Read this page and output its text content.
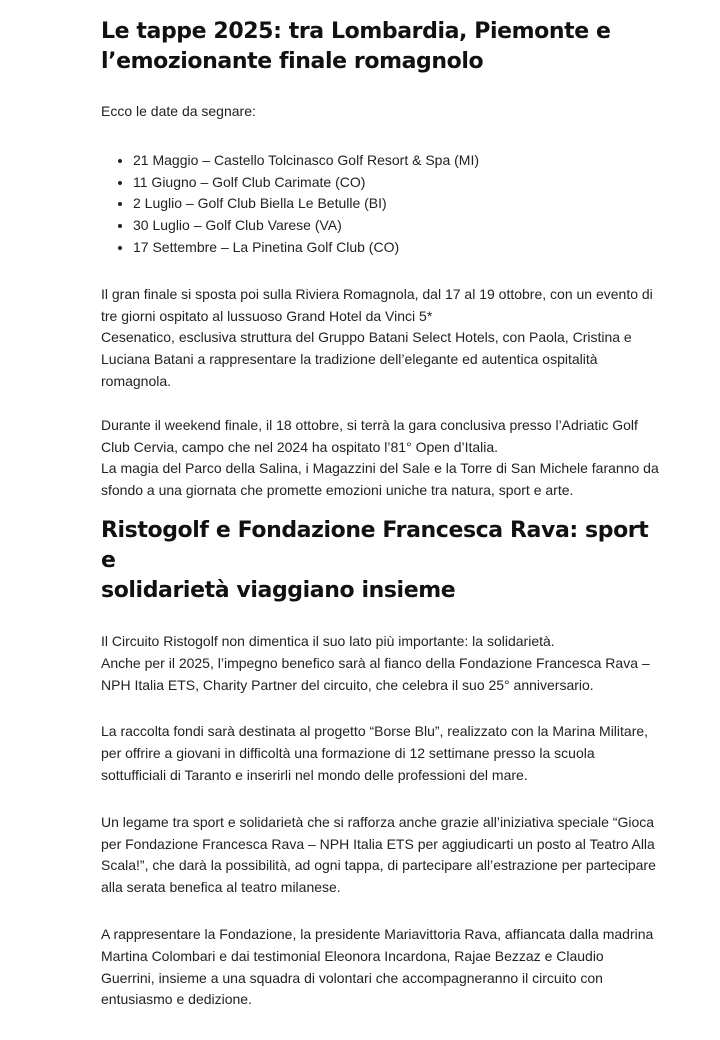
Le tappe 2025: tra Lombardia, Piemonte e
l’emozionante finale romagnolo

Ecco le date da segnare:

• 21 Maggio – Castello Tolcinasco Golf Resort & Spa (MI)
• 11 Giugno – Golf Club Carimate (CO)
• 2 Luglio – Golf Club Biella Le Betulle (BI)
• 30 Luglio – Golf Club Varese (VA)
• 17 Settembre – La Pinetina Golf Club (CO)

Il gran finale si sposta poi sulla Riviera Romagnola, dal 17 al 19 ottobre, con un evento di tre giorni ospitato al lussuoso Grand Hotel da Vinci 5*
Cesenatico, esclusiva struttura del Gruppo Batani Select Hotels, con Paola, Cristina e Luciana Batani a rappresentare la tradizione dell’elegante ed autentica ospitalità romagnola.

Durante il weekend finale, il 18 ottobre, si terrà la gara conclusiva presso l’Adriatic Golf Club Cervia, campo che nel 2024 ha ospitato l’81° Open d’Italia.
La magia del Parco della Salina, i Magazzini del Sale e la Torre di San Michele faranno da sfondo a una giornata che promette emozioni uniche tra natura, sport e arte.

Ristogolf e Fondazione Francesca Rava: sport e
solidarietà viaggiano insieme

Il Circuito Ristogolf non dimentica il suo lato più importante: la solidarietà.
Anche per il 2025, l’impegno benefico sarà al fianco della Fondazione Francesca Rava – NPH Italia ETS, Charity Partner del circuito, che celebra il suo 25° anniversario.

La raccolta fondi sarà destinata al progetto “Borse Blu”, realizzato con la Marina Militare, per offrire a giovani in difficoltà una formazione di 12 settimane presso la scuola sottufficiali di Taranto e inserirli nel mondo delle professioni del mare.

Un legame tra sport e solidarietà che si rafforza anche grazie all’iniziativa speciale “Gioca per Fondazione Francesca Rava – NPH Italia ETS per aggiudicarti un posto al Teatro Alla Scala!”, che darà la possibilità, ad ogni tappa, di partecipare all’estrazione per partecipare alla serata benefica al teatro milanese.

A rappresentare la Fondazione, la presidente Mariavittoria Rava, affiancata dalla madrina Martina Colombari e dai testimonial Eleonora Incardona, Rajae Bezzaz e Claudio Guerrini, insieme a una squadra di volontari che accompagneranno il circuito con entusiasmo e dedizione.
